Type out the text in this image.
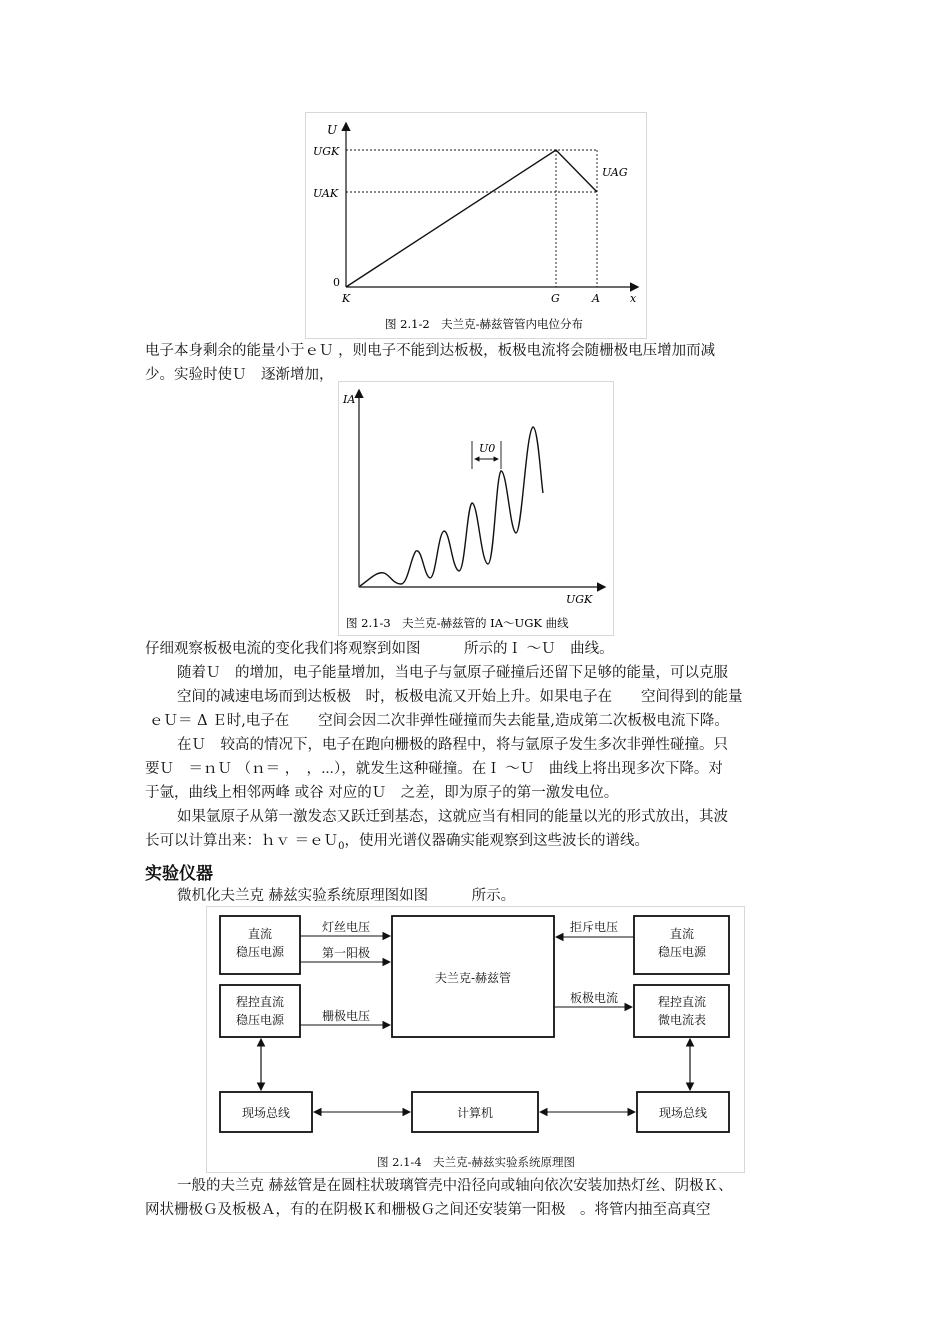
U
UGK
UAK
UAG
0
K	G	A	x
图 2.1-2　夫兰克-赫兹管管内电位分布

电子本身剩余的能量小于ｅＵ ，则电子不能到达板极，板极电流将会随栅极电压增加而减
少。实验时使Ｕ　逐渐增加，

U0
IA
UGK
图 2.1-3　夫兰克-赫兹管的 IA～UGK 曲线
仔细观察板极电流的变化我们将观察到如图　　　所示的Ｉ ～Ｕ　曲线。
随着Ｕ　的增加，电子能量增加，当电子与氩原子碰撞后还留下足够的能量，可以克服
空间的减速电场而到达板极　时，板极电流又开始上升。如果电子在　　空间得到的能量
ｅＵ＝ Δ Ｅ时,电子在　　空间会因二次非弹性碰撞而失去能量,造成第二次板极电流下降。
在Ｕ　较高的情况下，电子在跑向栅极的路程中，将与氩原子发生多次非弹性碰撞。只
要Ｕ　＝ｎＵ （ｎ＝ ，　，⋯），就发生这种碰撞。在Ｉ ～Ｕ　曲线上将出现多次下降。对
于氩，曲线上相邻两峰 或谷 对应的Ｕ　之差，即为原子的第一激发电位。
如果氩原子从第一激发态又跃迁到基态，这就应当有相同的能量以光的形式放出，其波
长可以计算出来：ｈｖ ＝ｅＵ$_0$，使用光谱仪器确实能观察到这些波长的谱线。
实验仪器

微机化夫兰克 赫兹实验系统原理图如图　　　所示。

直流
稳压电源
程控直流
稳压电源
夫兰克-赫兹管
直流
稳压电源
程控直流
微电流表
现场总线	计算机	现场总线
灯丝电压
第一阳极
栅极电压
拒斥电压
板极电流
图 2.1-4　夫兰克-赫兹实验系统原理图

一般的夫兰克 赫兹管是在圆柱状玻璃管壳中沿径向或轴向依次安装加热灯丝、阴极Ｋ、
网状栅极Ｇ及板极Ａ，有的在阴极Ｋ和栅极Ｇ之间还安装第一阳极　。将管内抽至高真空
